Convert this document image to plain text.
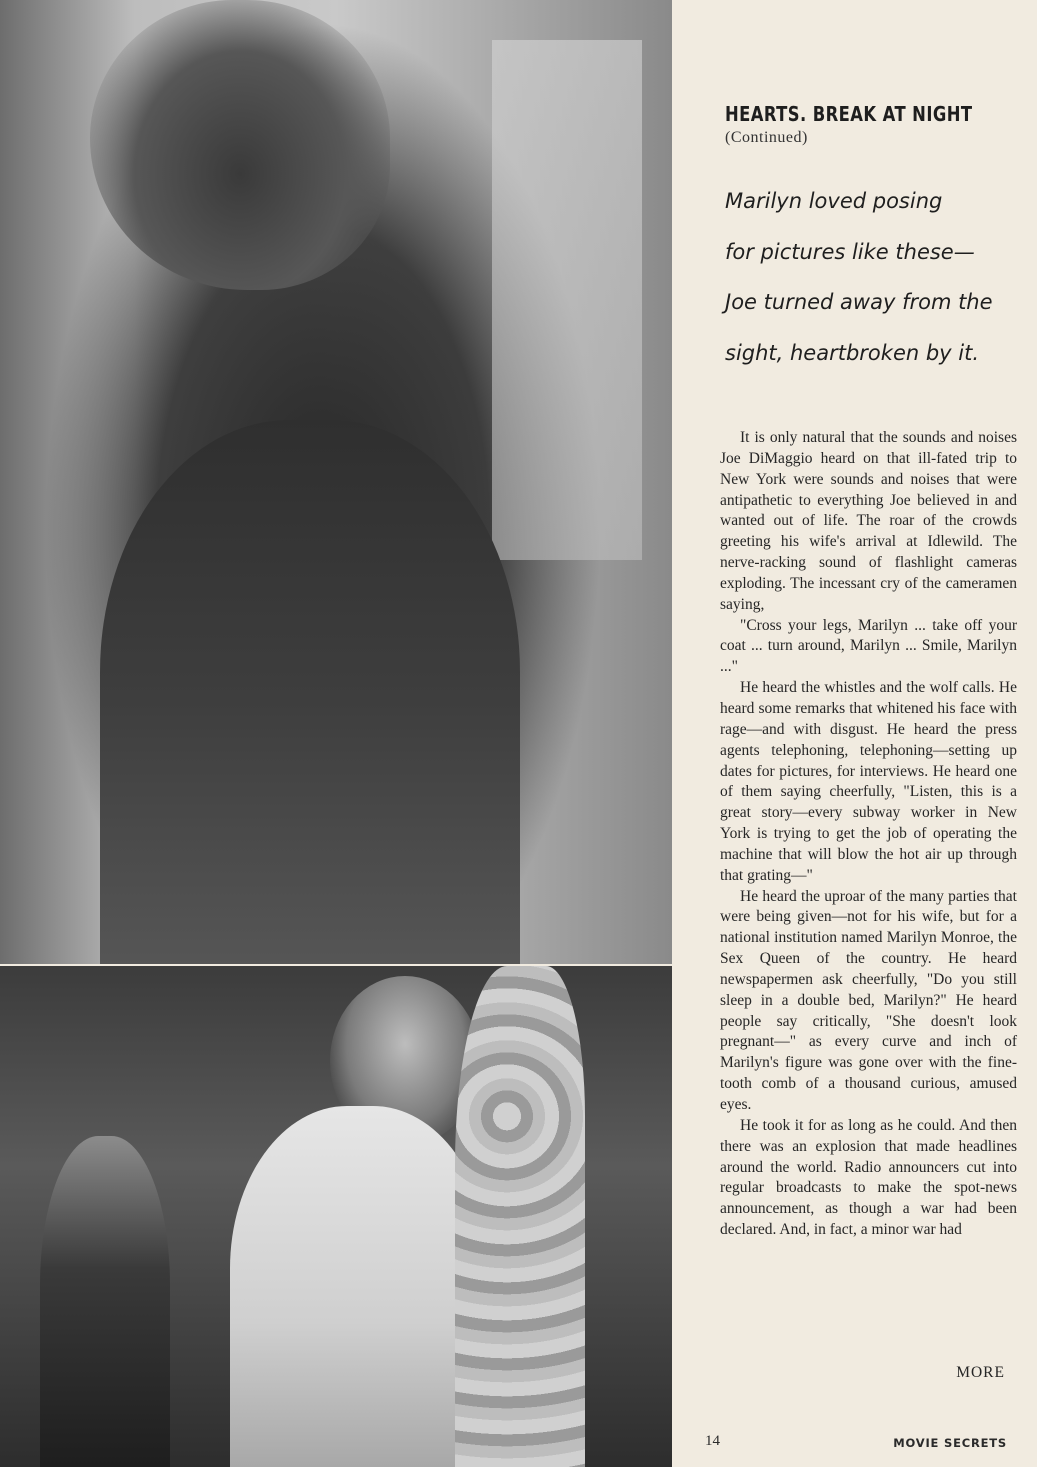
HEARTS. BREAK AT NIGHT
(Continued)
Marilyn loved posing
for pictures like these—
Joe turned away from the
sight, heartbroken by it.

It is only natural that the sounds and noises Joe DiMaggio heard on that ill-fated trip to New York were sounds and noises that were antipathetic to everything Joe believed in and wanted out of life. The roar of the crowds greeting his wife's arrival at Idlewild. The nerve-racking sound of flashlight cameras exploding. The incessant cry of the cameramen saying,

"Cross your legs, Marilyn ... take off your coat ... turn around, Marilyn ... Smile, Marilyn ..."

He heard the whistles and the wolf calls. He heard some remarks that whitened his face with rage—and with disgust. He heard the press agents telephoning, telephoning—setting up dates for pictures, for interviews. He heard one of them saying cheerfully, "Listen, this is a great story—every subway worker in New York is trying to get the job of operating the machine that will blow the hot air up through that grating—"

He heard the uproar of the many parties that were being given—not for his wife, but for a national institution named Marilyn Monroe, the Sex Queen of the country. He heard newspapermen ask cheerfully, "Do you still sleep in a double bed, Marilyn?" He heard people say critically, "She doesn't look pregnant—" as every curve and inch of Marilyn's figure was gone over with the fine-tooth comb of a thousand curious, amused eyes.

He took it for as long as he could. And then there was an explosion that made headlines around the world. Radio announcers cut into regular broadcasts to make the spot-news announcement, as though a war had been declared. And, in fact, a minor war had

MORE
14	MOVIE SECRETS
